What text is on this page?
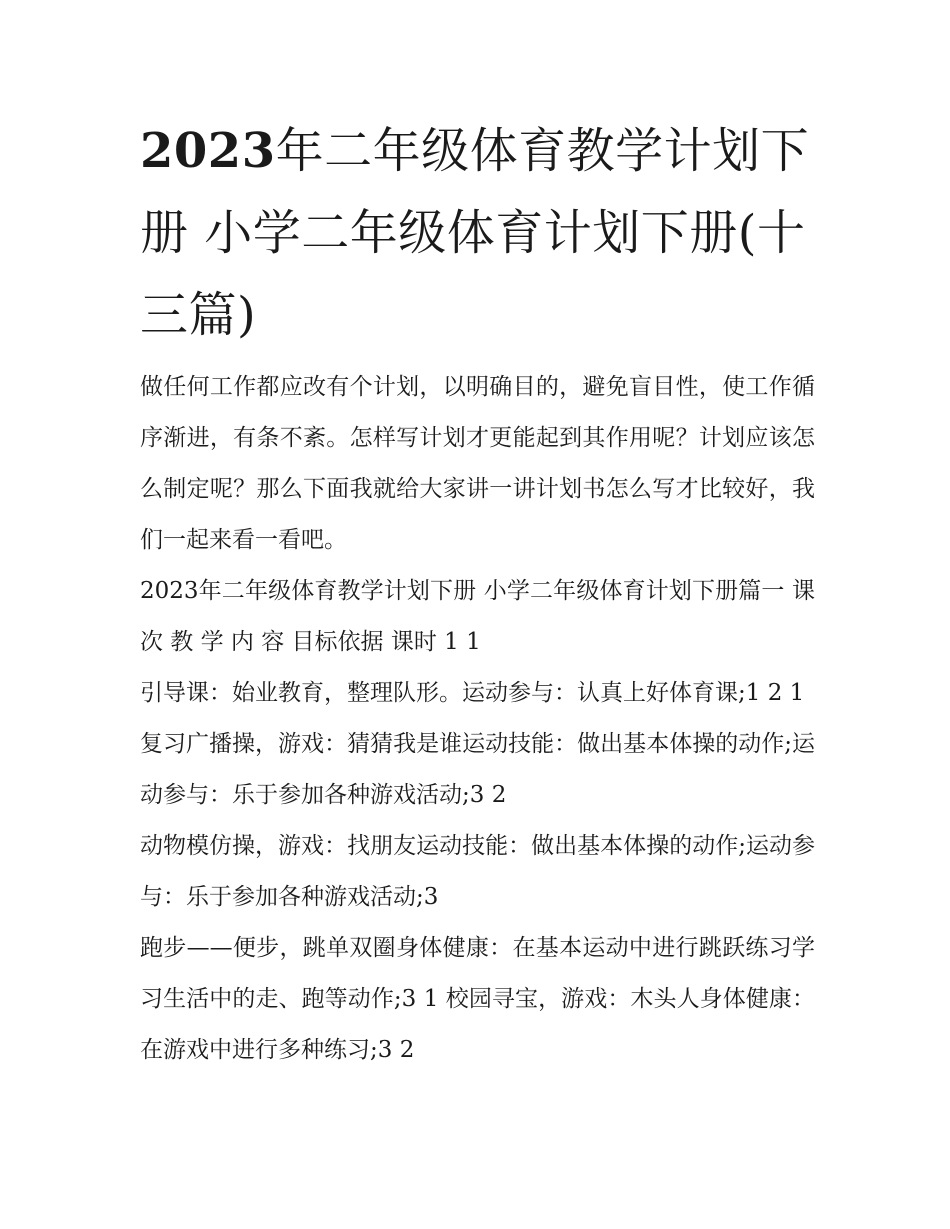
2023年二年级体育教学计划下册 小学二年级体育计划下册(十三篇)

做任何工作都应改有个计划，以明确目的，避免盲目性，使工作循序渐进，有条不紊。怎样写计划才更能起到其作用呢？计划应该怎么制定呢？那么下面我就给大家讲一讲计划书怎么写才比较好，我们一起来看一看吧。

2023年二年级体育教学计划下册 小学二年级体育计划下册篇一 课次 教 学 内 容 目标依据 课时 1 1

引导课：始业教育，整理队形。运动参与：认真上好体育课;1 2 1

复习广播操，游戏：猜猜我是谁运动技能：做出基本体操的动作;运动参与：乐于参加各种游戏活动;3 2

动物模仿操，游戏：找朋友运动技能：做出基本体操的动作;运动参与：乐于参加各种游戏活动;3

跑步——便步，跳单双圈身体健康：在基本运动中进行跳跃练习学习生活中的走、跑等动作;3 1 校园寻宝，游戏：木头人身体健康：在游戏中进行多种练习;3 2
